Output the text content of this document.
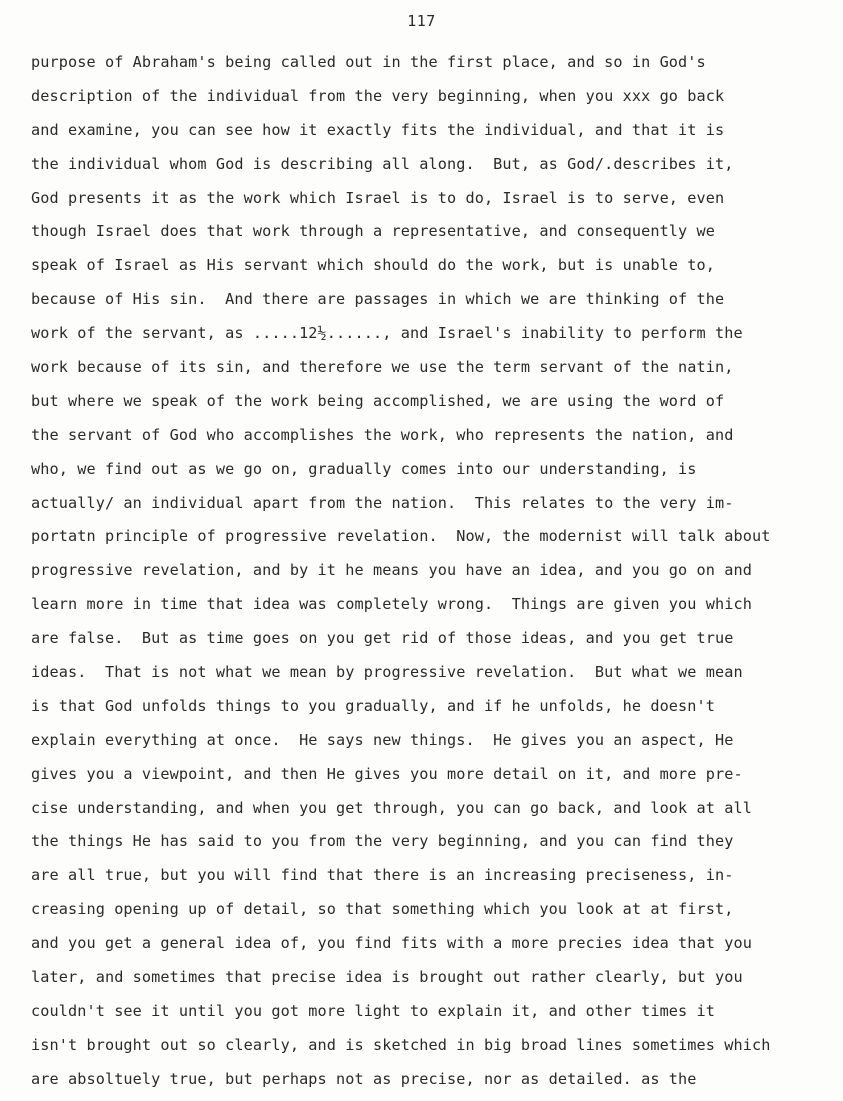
117
purpose of Abraham's being called out in the first place, and so in God's
description of the individual from the very beginning, when you xxx go back
and examine, you can see how it exactly fits the individual, and that it is
the individual whom God is describing all along.  But, as God/.describes it,
God presents it as the work which Israel is to do, Israel is to serve, even
though Israel does that work through a representative, and consequently we
speak of Israel as His servant which should do the work, but is unable to,
because of His sin.  And there are passages in which we are thinking of the
work of the servant, as .....12½......, and Israel's inability to perform the
work because of its sin, and therefore we use the term servant of the natin,
but where we speak of the work being accomplished, we are using the word of
the servant of God who accomplishes the work, who represents the nation, and
who, we find out as we go on, gradually comes into our understanding, is
actually/ an individual apart from the nation.  This relates to the very im-
portatn principle of progressive revelation.  Now, the modernist will talk about
progressive revelation, and by it he means you have an idea, and you go on and
learn more in time that idea was completely wrong.  Things are given you which
are false.  But as time goes on you get rid of those ideas, and you get true
ideas.  That is not what we mean by progressive revelation.  But what we mean
is that God unfolds things to you gradually, and if he unfolds, he doesn't
explain everything at once.  He says new things.  He gives you an aspect, He
gives you a viewpoint, and then He gives you more detail on it, and more pre-
cise understanding, and when you get through, you can go back, and look at all
the things He has said to you from the very beginning, and you can find they
are all true, but you will find that there is an increasing preciseness, in-
creasing opening up of detail, so that something which you look at at first,
and you get a general idea of, you find fits with a more precies idea that you
later, and sometimes that precise idea is brought out rather clearly, but you
couldn't see it until you got more light to explain it, and other times it
isn't brought out so clearly, and is sketched in big broad lines sometimes which
are absoltuely true, but perhaps not as precise, nor as detailed. as the
